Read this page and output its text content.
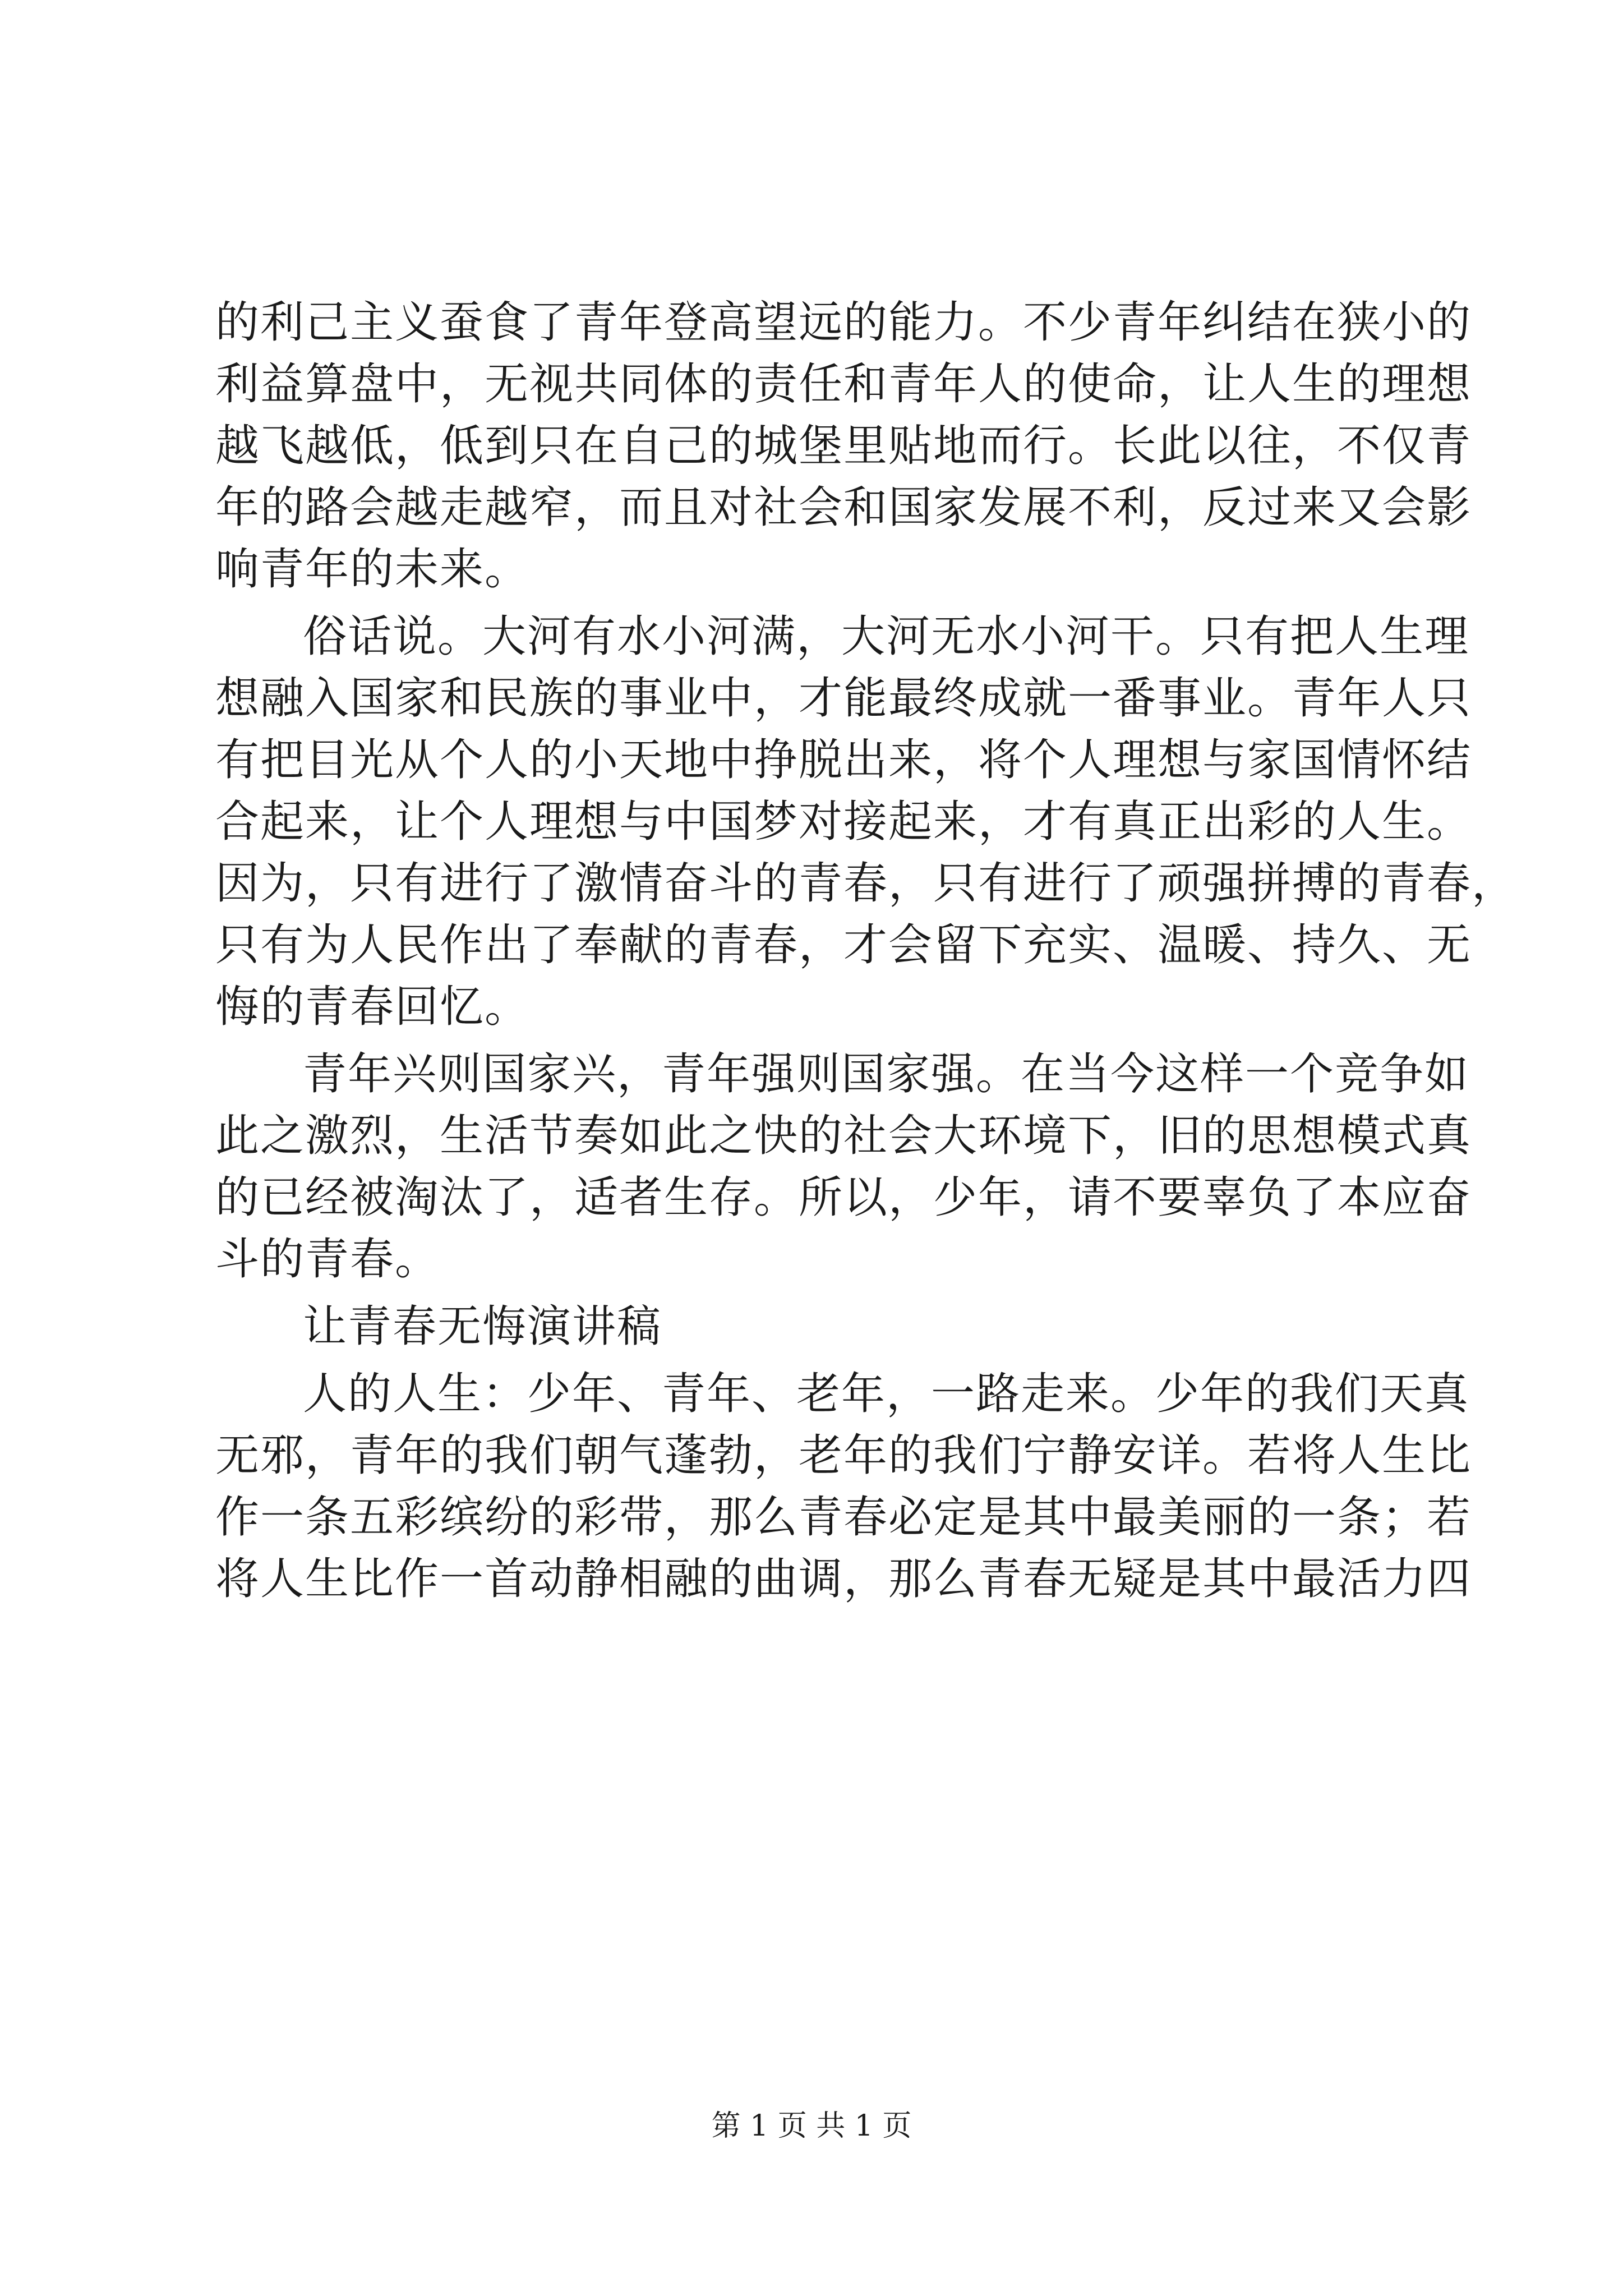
的利己主义蚕食了青年登高望远的能力。不少青年纠结在狭小的
利益算盘中，无视共同体的责任和青年人的使命，让人生的理想
越飞越低，低到只在自己的城堡里贴地而行。长此以往，不仅青
年的路会越走越窄，而且对社会和国家发展不利，反过来又会影
响青年的未来。
俗话说。大河有水小河满，大河无水小河干。只有把人生理
想融入国家和民族的事业中，才能最终成就一番事业。青年人只
有把目光从个人的小天地中挣脱出来，将个人理想与家国情怀结
合起来，让个人理想与中国梦对接起来，才有真正出彩的人生。
因为，只有进行了激情奋斗的青春，只有进行了顽强拼搏的青春，
只有为人民作出了奉献的青春，才会留下充实、温暖、持久、无
悔的青春回忆。
青年兴则国家兴，青年强则国家强。在当今这样一个竞争如
此之激烈，生活节奏如此之快的社会大环境下，旧的思想模式真
的已经被淘汰了，适者生存。所以，少年，请不要辜负了本应奋
斗的青春。
让青春无悔演讲稿
人的人生：少年、青年、老年，一路走来。少年的我们天真
无邪，青年的我们朝气蓬勃，老年的我们宁静安详。若将人生比
作一条五彩缤纷的彩带，那么青春必定是其中最美丽的一条；若
将人生比作一首动静相融的曲调，那么青春无疑是其中最活力四
第 1 页 共 1 页
